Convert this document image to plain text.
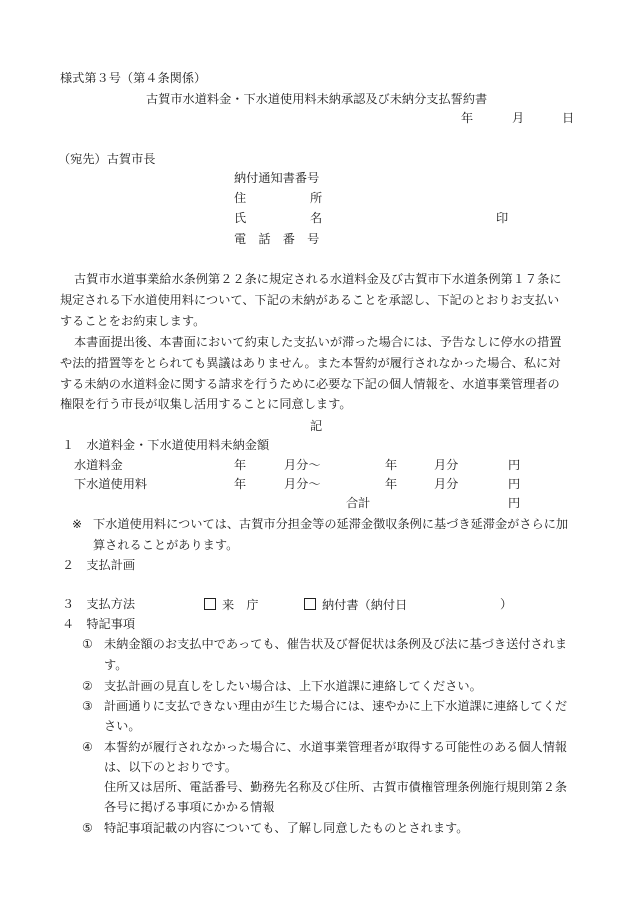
様式第３号（第４条関係）
古賀市水道料金・下水道使用料未納承認及び未納分支払誓約書
年	月	日
（宛先）古賀市長
納付通知書番号
住	所
氏	名	印
電　話　番　号
古賀市水道事業給水条例第２２条に規定される水道料金及び古賀市下水道条例第１７条に
規定される下水道使用料について、下記の未納があることを承認し、下記のとおりお支払い
することをお約束します。
本書面提出後、本書面において約束した支払いが滞った場合には、予告なしに停水の措置
や法的措置等をとられても異議はありません。また本誓約が履行されなかった場合、私に対
する未納の水道料金に関する請求を行うために必要な下記の個人情報を、水道事業管理者の
権限を行う市長が収集し活用することに同意します。
記
１　水道料金・下水道使用料未納金額
水道料金	年	月分〜	年	月分	円
下水道使用料	年	月分〜	年	月分	円
合計	円
※ 下水道使用料については、古賀市分担金等の延滞金徴収条例に基づき延滞金がさらに加
算されることがあります。
２　支払計画
３　支払方法	来　庁	納付書（納付日	）
４　特記事項
① 未納金額のお支払中であっても、催告状及び督促状は条例及び法に基づき送付されま
す。
② 支払計画の見直しをしたい場合は、上下水道課に連絡してください。
③ 計画通りに支払できない理由が生じた場合には、速やかに上下水道課に連絡してくだ
さい。
④ 本誓約が履行されなかった場合に、水道事業管理者が取得する可能性のある個人情報
は、以下のとおりです。
住所又は居所、電話番号、勤務先名称及び住所、古賀市債権管理条例施行規則第２条
各号に掲げる事項にかかる情報
⑤ 特記事項記載の内容についても、了解し同意したものとされます。
